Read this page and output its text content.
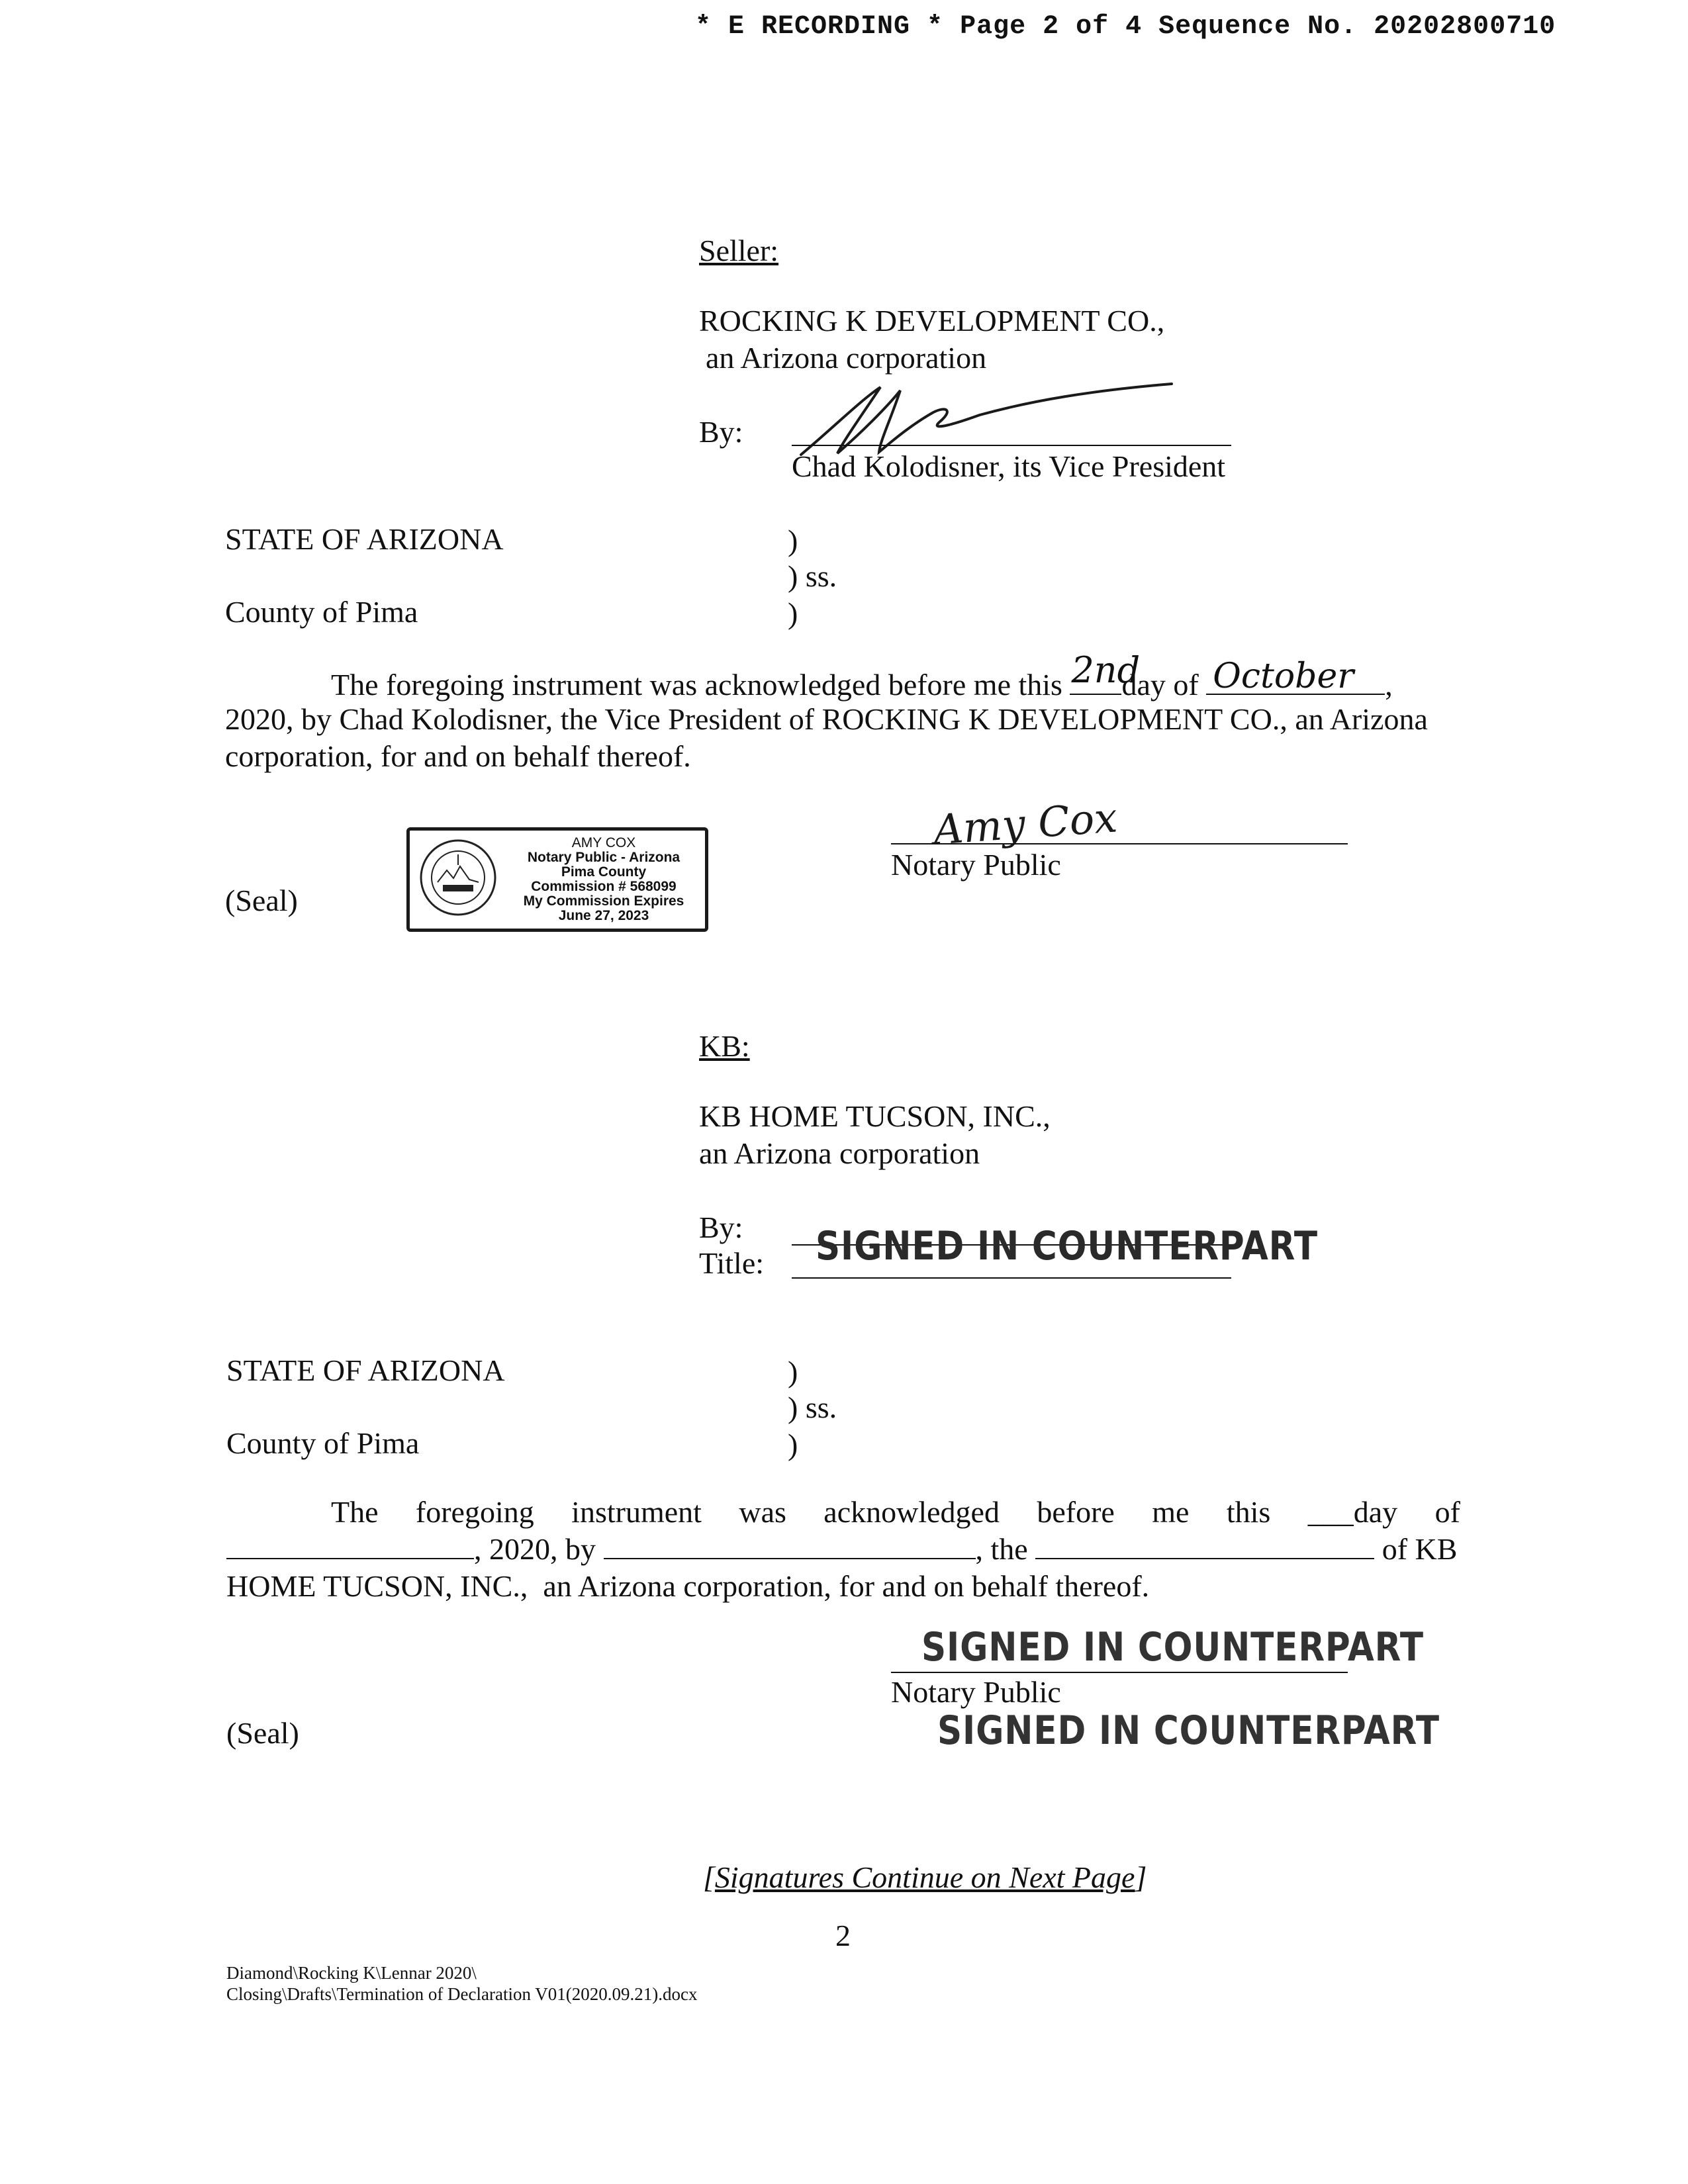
* E RECORDING * Page 2 of 4 Sequence No. 20202800710
Seller:
ROCKING K DEVELOPMENT CO.,
an Arizona corporation
By:
Chad Kolodisner, its Vice President
STATE OF ARIZONA	)
) ss.
County of Pima	)
The foregoing instrument was acknowledged before me this 2nd
day of October ,
2020, by Chad Kolodisner, the Vice President of ROCKING K DEVELOPMENT CO., an Arizona
corporation, for and on behalf thereof.
(Seal)
AMY COX
Notary Public - Arizona
Pima County
Commission # 568099
My Commission Expires
June 27, 2023
Amy Cox
Notary Public
KB:
KB HOME TUCSON, INC.,
an Arizona corporation
By:
Title: SIGNED IN COUNTERPART
STATE OF ARIZONA	)
) ss.
County of Pima	)
The foregoing instrument was acknowledged before me this ___day of
, 2020, by	, the	of KB
HOME TUCSON, INC.,  an Arizona corporation, for and on behalf thereof.
SIGNED IN COUNTERPART
Notary Public
SIGNED IN COUNTERPART
(Seal)
[Signatures Continue on Next Page]
2
Diamond\Rocking K\Lennar 2020\
Closing\Drafts\Termination of Declaration V01(2020.09.21).docx
